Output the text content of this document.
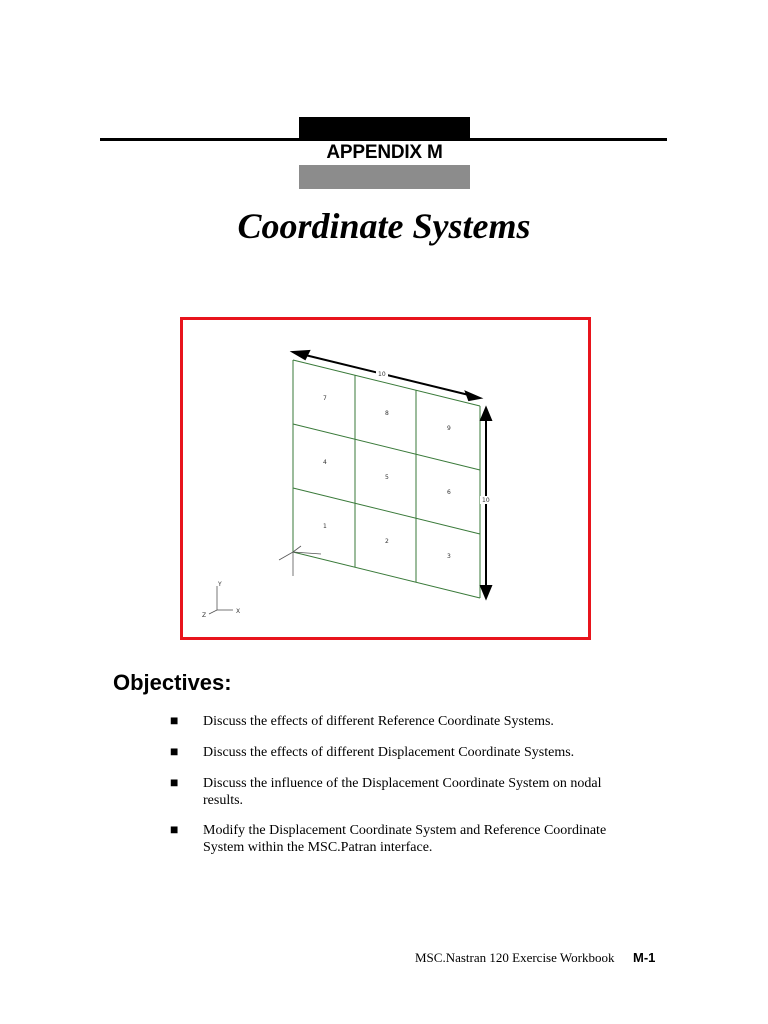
APPENDIX M
Coordinate Systems
7
8
9
4
5
6
1
2
3
10
10
Y
X
Z
Objectives:
■ Discuss the effects of different Reference Coordinate Systems.
■ Discuss the effects of different Displacement Coordinate Systems.
■ Discuss the influence of the Displacement Coordinate System on nodal results.
■ Modify the Displacement Coordinate System and Reference Coordinate System within the MSC.Patran interface.
MSC.Nastran 120 Exercise Workbook M-1
